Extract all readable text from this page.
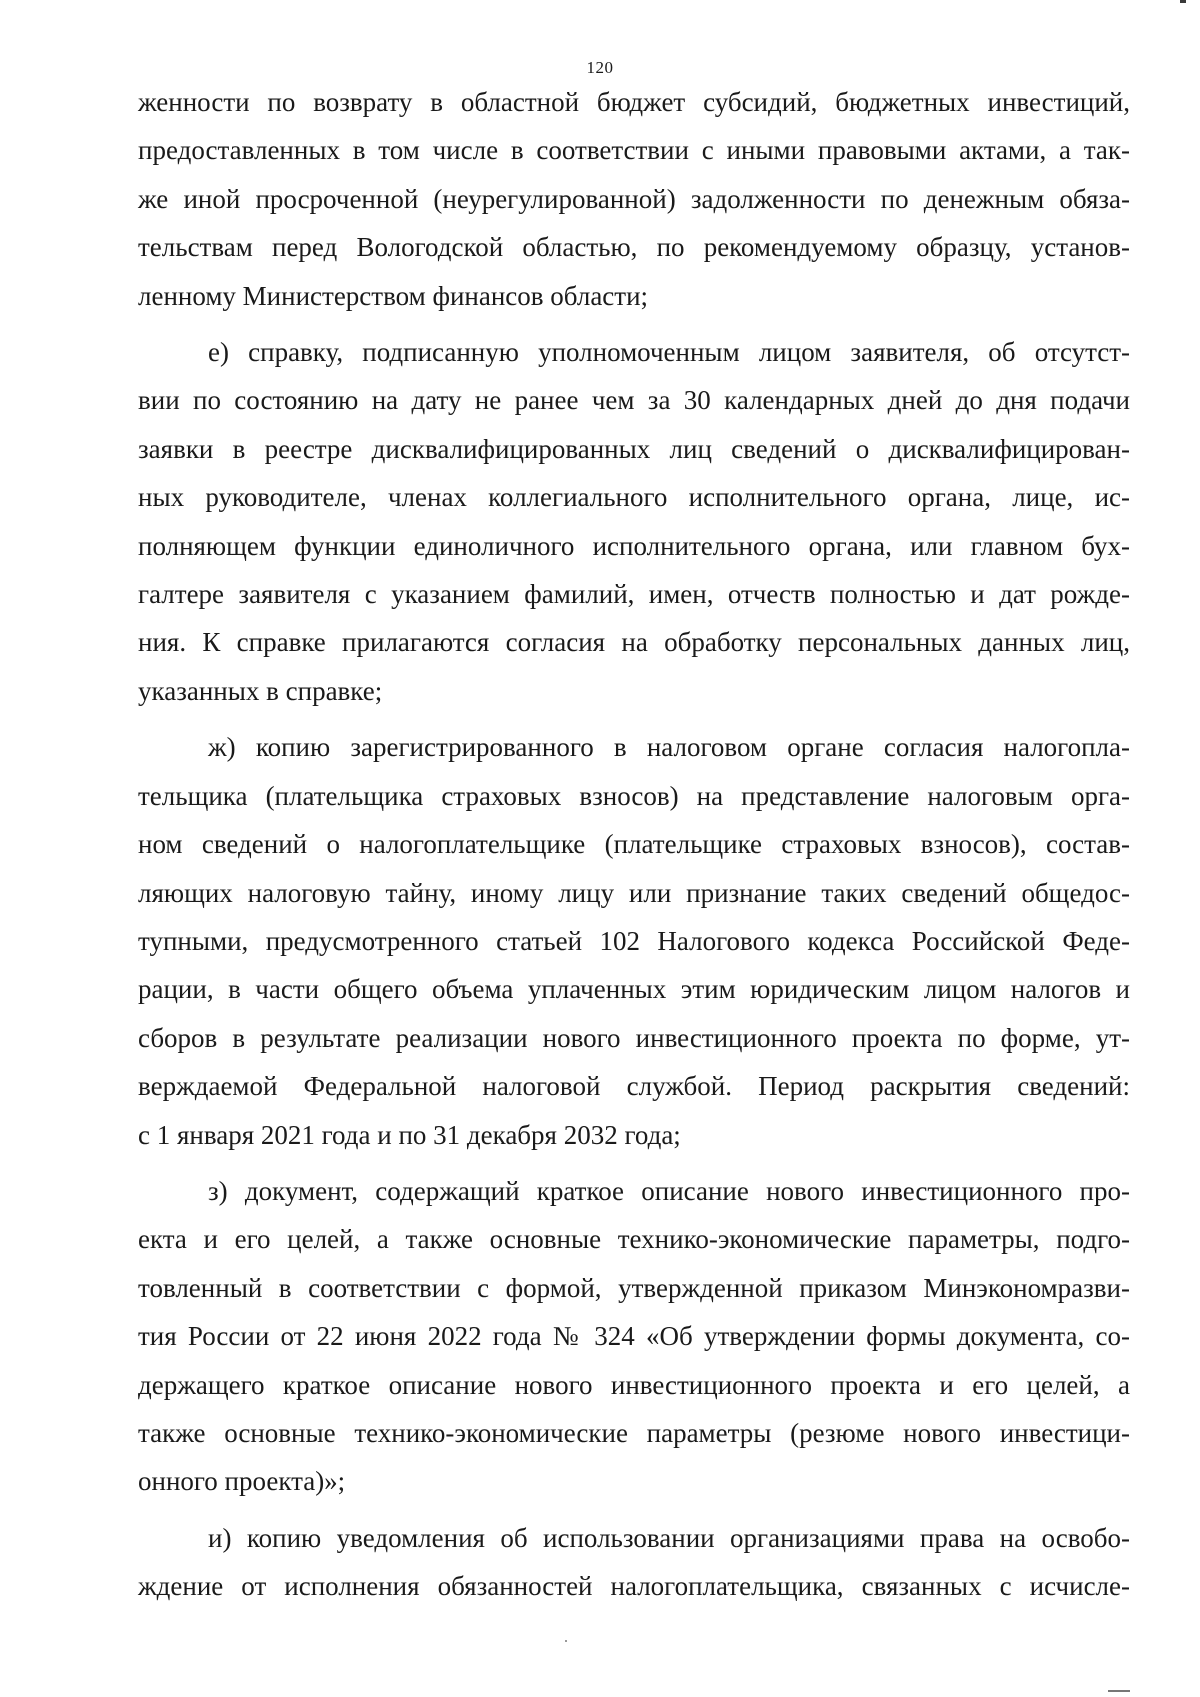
120
женности по возврату в областной бюджет субсидий, бюджетных инвестиций,
предоставленных в том числе в соответствии с иными правовыми актами, а так-
же иной просроченной (неурегулированной) задолженности по денежным обяза-
тельствам перед Вологодской областью, по рекомендуемому образцу, установ-
ленному Министерством финансов области;
е) справку, подписанную уполномоченным лицом заявителя, об отсутст-
вии по состоянию на дату не ранее чем за 30 календарных дней до дня подачи
заявки в реестре дисквалифицированных лиц сведений о дисквалифицирован-
ных руководителе, членах коллегиального исполнительного органа, лице, ис-
полняющем функции единоличного исполнительного органа, или главном бух-
галтере заявителя с указанием фамилий, имен, отчеств полностью и дат рожде-
ния. К справке прилагаются согласия на обработку персональных данных лиц,
указанных в справке;
ж) копию зарегистрированного в налоговом органе согласия налогопла-
тельщика (плательщика страховых взносов) на представление налоговым орга-
ном сведений о налогоплательщике (плательщике страховых взносов), состав-
ляющих налоговую тайну, иному лицу или признание таких сведений общедос-
тупными, предусмотренного статьей 102 Налогового кодекса Российской Феде-
рации, в части общего объема уплаченных этим юридическим лицом налогов и
сборов в результате реализации нового инвестиционного проекта по форме, ут-
верждаемой Федеральной налоговой службой. Период раскрытия сведений:
с 1 января 2021 года и по 31 декабря 2032 года;
з) документ, содержащий краткое описание нового инвестиционного про-
екта и его целей, а также основные технико-экономические параметры, подго-
товленный в соответствии с формой, утвержденной приказом Минэкономразви-
тия России от 22 июня 2022 года № 324 «Об утверждении формы документа, со-
держащего краткое описание нового инвестиционного проекта и его целей, а
также основные технико-экономические параметры (резюме нового инвестици-
онного проекта)»;
и) копию уведомления об использовании организациями права на освобо-
ждение от исполнения обязанностей налогоплательщика, связанных с исчисле-
